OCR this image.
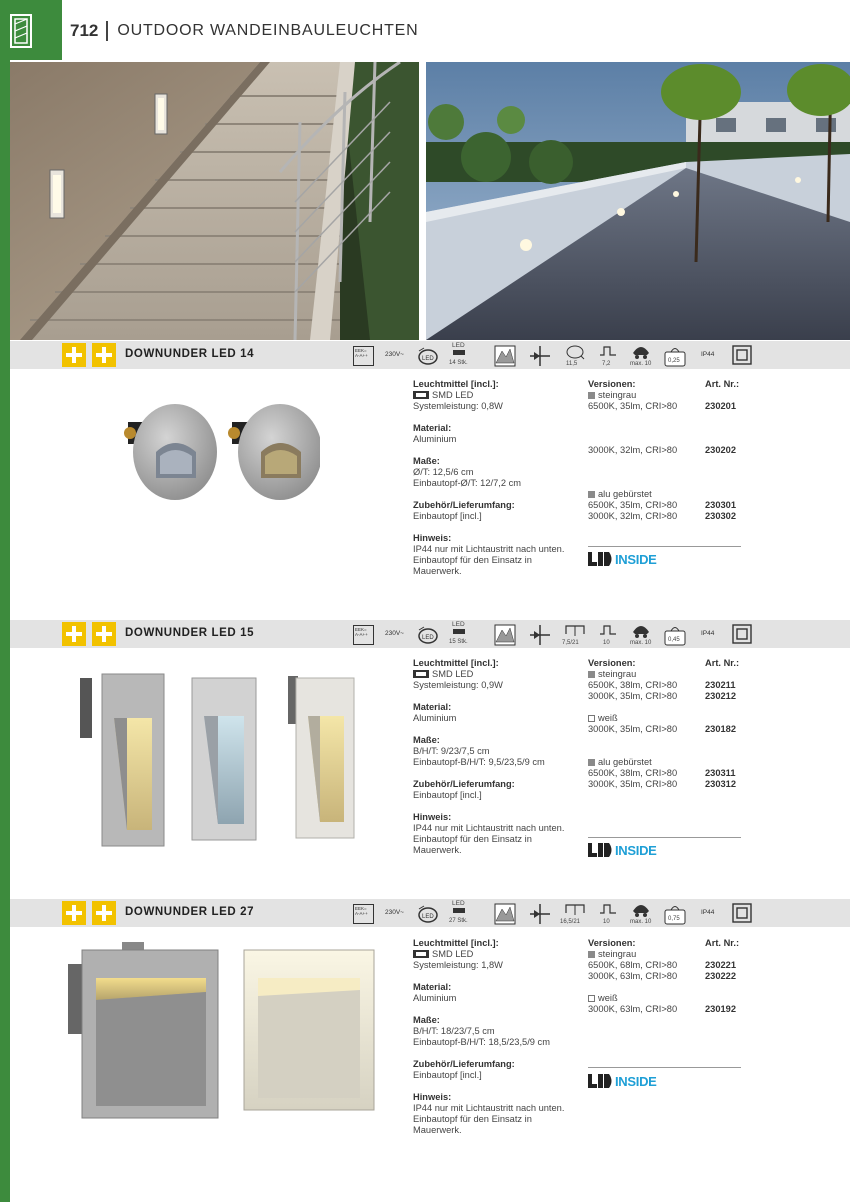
712 OUTDOOR WANDEINBAULEUCHTEN
DOWNUNDER LED 14	EEK=
A-A++	230V~
LED
LED
14 Stk.	11,5	7,2	max. 10	0,25
IP44
Leuchtmittel [incl.]:
SMD LED
Systemleistung: 0,8W
Material:
Aluminium
Maße:
Ø/T: 12,5/6 cm
Einbautopf-Ø/T: 12/7,2 cm
Zubehör/Lieferumfang:
Einbautopf [incl.]
Hinweis:
IP44 nur mit Lichtaustritt nach unten.
Einbautopf für den Einsatz in
Mauerwerk.
Versionen:	Art. Nr.:
steingrau
6500K, 35lm, CRI>80	230201
3000K, 32lm, CRI>80	230202
alu gebürstet
6500K, 35lm, CRI>80	230301
3000K, 32lm, CRI>80	230302
INSIDE
DOWNUNDER LED 15	EEK=
A-A++	230V~
LED
LED
15 Stk.	7,5/21	10	max. 10	0,45
IP44
Leuchtmittel [incl.]:
SMD LED
Systemleistung: 0,9W
Material:
Aluminium
Maße:
B/H/T: 9/23/7,5 cm
Einbautopf-B/H/T: 9,5/23,5/9 cm
Zubehör/Lieferumfang:
Einbautopf [incl.]
Hinweis:
IP44 nur mit Lichtaustritt nach unten.
Einbautopf für den Einsatz in
Mauerwerk.
Versionen:	Art. Nr.:
steingrau
6500K, 38lm, CRI>80	230211
3000K, 35lm, CRI>80	230212
weiß
3000K, 35lm, CRI>80	230182
alu gebürstet
6500K, 38lm, CRI>80	230311
3000K, 35lm, CRI>80	230312
INSIDE
DOWNUNDER LED 27	EEK=
A-A++	230V~
LED
LED
27 Stk.	16,5/21	10	max. 10	0,75
IP44
Leuchtmittel [incl.]:
SMD LED
Systemleistung: 1,8W
Material:
Aluminium
Maße:
B/H/T: 18/23/7,5 cm
Einbautopf-B/H/T: 18,5/23,5/9 cm
Zubehör/Lieferumfang:
Einbautopf [incl.]
Hinweis:
IP44 nur mit Lichtaustritt nach unten.
Einbautopf für den Einsatz in
Mauerwerk.
Versionen:	Art. Nr.:
steingrau
6500K, 68lm, CRI>80	230221
3000K, 63lm, CRI>80	230222
weiß
3000K, 63lm, CRI>80	230192
INSIDE
